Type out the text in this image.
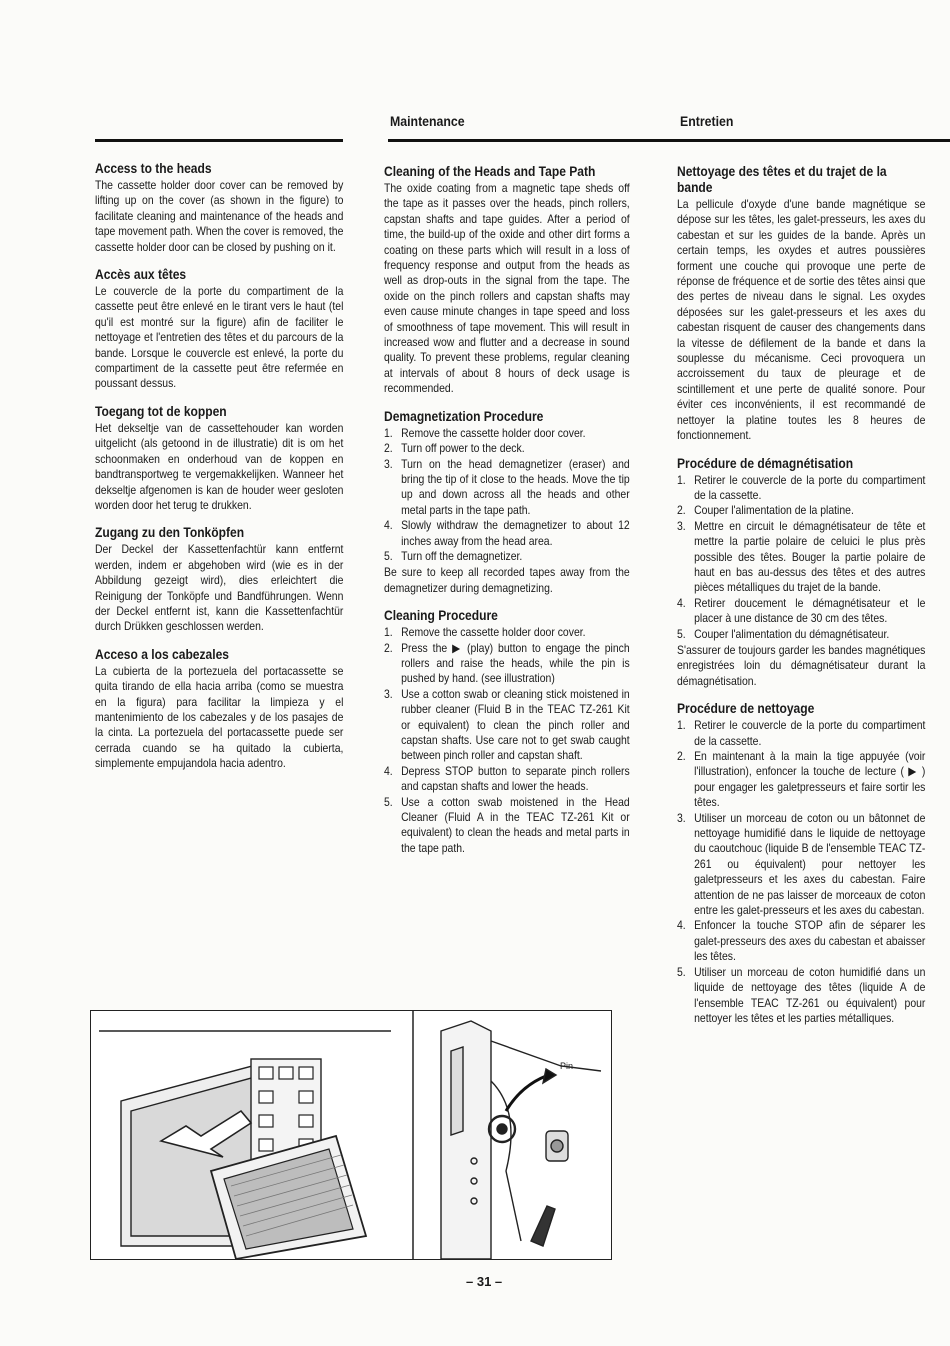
Maintenance	Entretien
Access to the heads

The cassette holder door cover can be removed by lifting up on the cover (as shown in the figure) to facilitate cleaning and maintenance of the heads and tape movement path. When the cover is removed, the cassette holder door can be closed by pushing on it.

Accès aux têtes

Le couvercle de la porte du compartiment de la cassette peut être enlevé en le tirant vers le haut (tel qu'il est montré sur la figure) afin de faciliter le nettoyage et l'entretien des têtes et du parcours de la bande. Lorsque le couvercle est enlevé, la porte du compartiment de la cassette peut être refermée en poussant dessus.

Toegang tot de koppen

Het dekseltje van de cassettehouder kan worden uitgelicht (als getoond in de illustratie) dit is om het schoonmaken en onderhoud van de koppen en bandtransportweg te vergemakkelijken. Wanneer het dekseltje afgenomen is kan de houder weer gesloten worden door het terug te drukken.

Zugang zu den Tonköpfen

Der Deckel der Kassettenfachtür kann entfernt werden, indem er abgehoben wird (wie es in der Abbildung gezeigt wird), dies erleichtert die Reinigung der Tonköpfe und Bandführungen. Wenn der Deckel entfernt ist, kann die Kassettenfachtür durch Drükken geschlossen werden.

Acceso a los cabezales

La cubierta de la portezuela del portacassette se quita tirando de ella hacia arriba (como se muestra en la figura) para facilitar la limpieza y el mantenimiento de los cabezales y de los pasajes de la cinta. La portezuela del portacassette puede ser cerrada cuando se ha quitado la cubierta, simplemente empujandola hacia adentro.

Cleaning of the Heads and Tape Path

The oxide coating from a magnetic tape sheds off the tape as it passes over the heads, pinch rollers, capstan shafts and tape guides. After a period of time, the build-up of the oxide and other dirt forms a coating on these parts which will result in a loss of frequency response and output from the heads as well as drop-outs in the signal from the tape. The oxide on the pinch rollers and capstan shafts may even cause minute changes in tape speed and loss of smoothness of tape movement. This will result in increased wow and flutter and a decrease in sound quality. To prevent these problems, regular cleaning at intervals of about 8 hours of deck usage is recommended.

Demagnetization Procedure
1. Remove the cassette holder door cover.
2. Turn off power to the deck.
3. Turn on the head demagnetizer (eraser) and bring the tip of it close to the heads. Move the tip up and down across all the heads and other metal parts in the tape path.
4. Slowly withdraw the demagnetizer to about 12 inches away from the head area.
5. Turn off the demagnetizer.

Be sure to keep all recorded tapes away from the demagnetizer during demagnetizing.

Cleaning Procedure
1. Remove the cassette holder door cover.
2. Press the ▶ (play) button to engage the pinch rollers and raise the heads, while the pin is pushed by hand. (see illustration)
3. Use a cotton swab or cleaning stick moistened in rubber cleaner (Fluid B in the TEAC TZ-261 Kit or equivalent) to clean the pinch roller and capstan shafts. Use care not to get swab caught between pinch roller and capstan shaft.
4. Depress STOP button to separate pinch rollers and capstan shafts and lower the heads.
5. Use a cotton swab moistened in the Head Cleaner (Fluid A in the TEAC TZ-261 Kit or equivalent) to clean the heads and metal parts in the tape path.
Nettoyage des têtes et du trajet de la bande

La pellicule d'oxyde d'une bande magnétique se dépose sur les têtes, les galet-presseurs, les axes du cabestan et sur les guides de la bande. Après un certain temps, les oxydes et autres poussières forment une couche qui provoque une perte de réponse de fréquence et de sortie des têtes ainsi que des pertes de niveau dans le signal. Les oxydes déposées sur les galet-presseurs et les axes du cabestan risquent de causer des changements dans la vitesse de défilement de la bande et dans la souplesse du mécanisme. Ceci provoquera un accroissement du taux de pleurage et de scintillement et une perte de qualité sonore. Pour éviter ces inconvénients, il est recommandé de nettoyer la platine toutes les 8 heures de fonctionnement.

Procédure de démagnétisation
1. Retirer le couvercle de la porte du compartiment de la cassette.
2. Couper l'alimentation de la platine.
3. Mettre en circuit le démagnétisateur de tête et mettre la partie polaire de celuici le plus près possible des têtes. Bouger la partie polaire de haut en bas au-dessus des têtes et des autres pièces métalliques du trajet de la bande.
4. Retirer doucement le démagnétisateur et le placer à une distance de 30 cm des têtes.
5. Couper l'alimentation du démagnétisateur.

S'assurer de toujours garder les bandes magnétiques enregistrées loin du démagnétisateur durant la démagnétisation.

Procédure de nettoyage
1. Retirer le couvercle de la porte du compartiment de la cassette.
2. En maintenant à la main la tige appuyée (voir l'illustration), enfoncer la touche de lecture ( ▶ ) pour engager les galetpresseurs et faire sortir les têtes.
3. Utiliser un morceau de coton ou un bâtonnet de nettoyage humidifié dans le liquide de nettoyage du caoutchouc (liquide B de l'ensemble TEAC TZ-261 ou équivalent) pour nettoyer les galetpresseurs et les axes du cabestan. Faire attention de ne pas laisser de morceaux de coton entre les galet-presseurs et les axes du cabestan.
4. Enfoncer la touche STOP afin de séparer les galet-presseurs des axes du cabestan et abaisser les têtes.
5. Utiliser un morceau de coton humidifié dans un liquide de nettoyage des têtes (liquide A de l'ensemble TEAC TZ-261 ou équivalent) pour nettoyer les têtes et les parties métalliques.
Pin
– 31 –
